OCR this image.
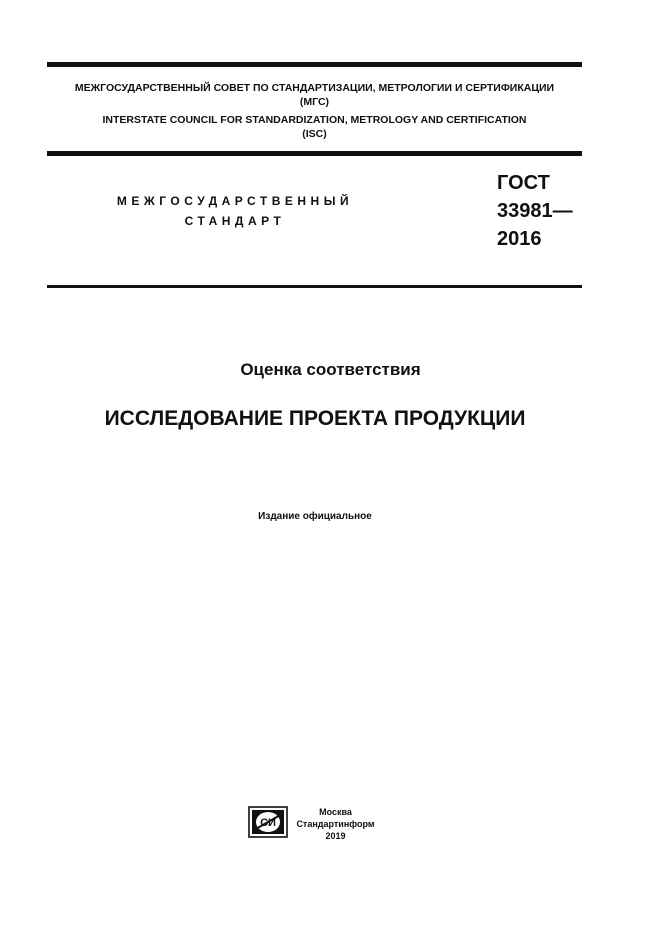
МЕЖГОСУДАРСТВЕННЫЙ СОВЕТ ПО СТАНДАРТИЗАЦИИ, МЕТРОЛОГИИ И СЕРТИФИКАЦИИ
(МГС)
INTERSTATE COUNCIL FOR STANDARDIZATION, METROLOGY AND CERTIFICATION
(ISC)
МЕЖГОСУДАРСТВЕННЫЙ
СТАНДАРТ
ГОСТ
33981—
2016
Оценка соответствия
ИССЛЕДОВАНИЕ ПРОЕКТА ПРОДУКЦИИ
Издание официальное
СИ
Москва
Стандартинформ
2019
